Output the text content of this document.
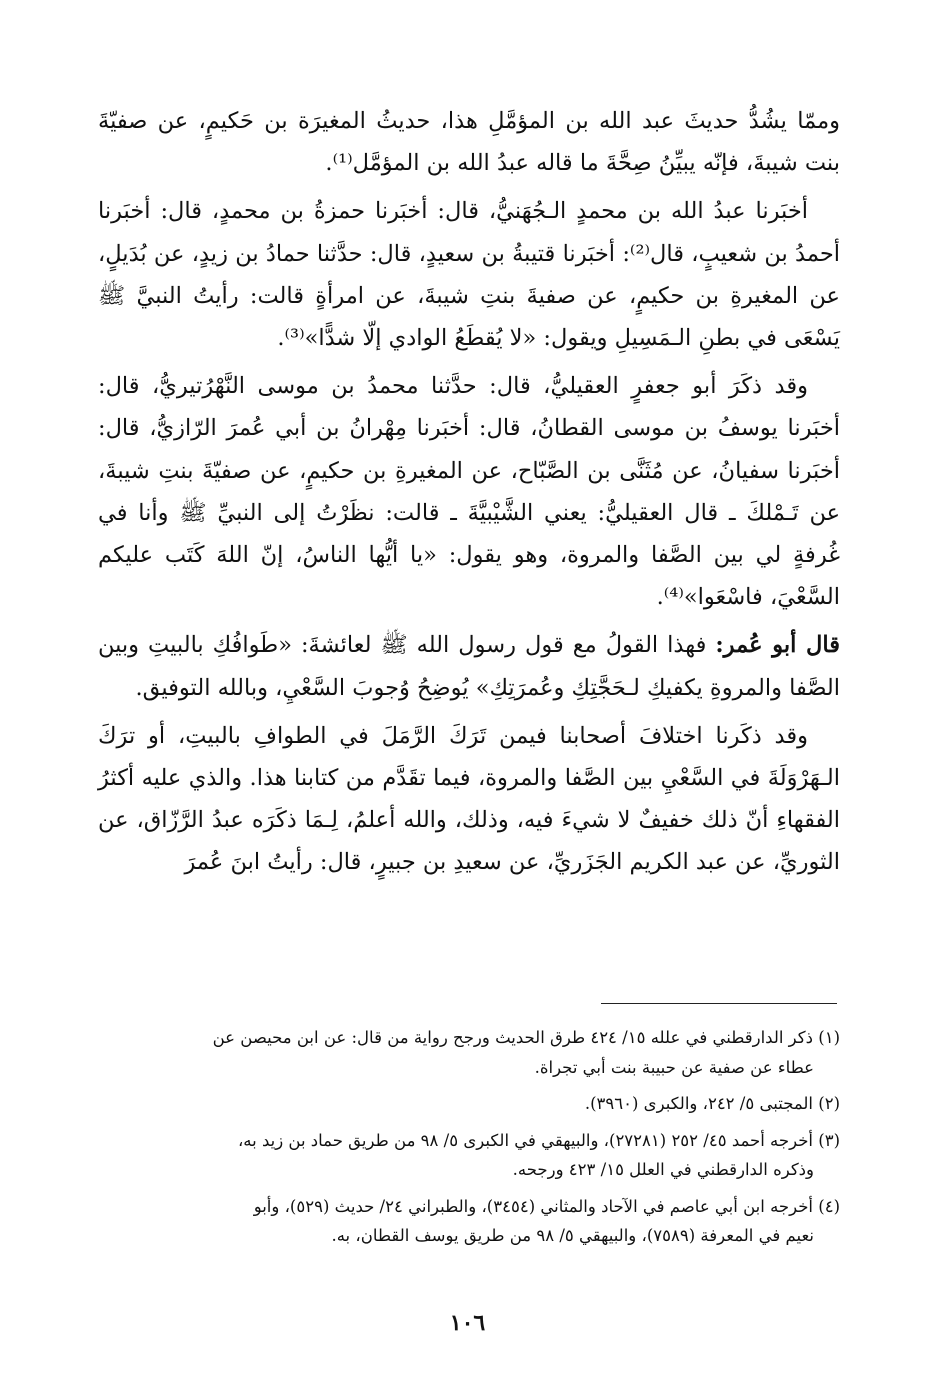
وممّا يشُدُّ حديثَ عبد الله بن المؤمَّلِ هذا، حديثُ المغيرَة بن حَكيمٍ، عن صفيّةَ بنت شيبةَ، فإنّه يبيِّنُ صِحَّةَ ما قاله عبدُ الله بن المؤمَّل⁽¹⁾.

أخبَرنا عبدُ الله بن محمدٍ الـجُهَنيُّ، قال: أخبَرنا حمزةُ بن محمدٍ، قال: أخبَرنا أحمدُ بن شعيبٍ، قال⁽²⁾: أخبَرنا قتيبةُ بن سعيدٍ، قال: حدَّثنا حمادُ بن زيدٍ، عن بُدَيلٍ، عن المغيرةِ بن حكيمٍ، عن صفيةَ بنتِ شيبةَ، عن امرأةٍ قالت: رأيتُ النبيَّ ﷺ يَسْعَى في بطنِ الـمَسِيلِ ويقول: «لا يُقطَعُ الوادي إلّا شدًّا»⁽³⁾.

وقد ذكَرَ أبو جعفرٍ العقيليُّ، قال: حدَّثنا محمدُ بن موسى النَّهْرُتيريُّ، قال: أخبَرنا يوسفُ بن موسى القطانُ، قال: أخبَرنا مِهْرانُ بن أبي عُمرَ الرّازيُّ، قال: أخبَرنا سفيانُ، عن مُثَنَّى بن الصَّبّاح، عن المغيرةِ بن حكيمٍ، عن صفيّةَ بنتِ شيبةَ، عن تَـمْلكَ ـ قال العقيليُّ: يعني الشَّيْبيَّةَ ـ قالت: نظَرْتُ إلى النبيِّ ﷺ وأنا في غُرفةٍ لي بين الصَّفا والمروة، وهو يقول: «يا أيُّها الناسُ، إنّ اللهَ كَتَب عليكم السَّعْيَ، فاسْعَوا»⁽⁴⁾.

قال أبو عُمر: فهذا القولُ مع قول رسول الله ﷺ لعائشةَ: «طَوافُكِ بالبيتِ وبين الصَّفا والمروةِ يكفيكِ لـحَجَّتِكِ وعُمرَتِكِ» يُوضِحُ وُجوبَ السَّعْيِ، وبالله التوفيق.

وقد ذكَرنا اختلافَ أصحابنا فيمن تَرَكَ الرَّمَلَ في الطوافِ بالبيتِ، أو ترَكَ الـهَرْوَلَةَ في السَّعْيِ بين الصَّفا والمروة، فيما تقَدَّم من كتابنا هذا. والذي عليه أكثرُ الفقهاءِ أنّ ذلك خفيفٌ لا شيءَ فيه، وذلك، والله أعلمُ، لِـمَا ذكَرَه عبدُ الرَّزّاق، عن الثوريِّ، عن عبد الكريم الجَزَريِّ، عن سعيدِ بن جبيرٍ، قال: رأيتُ ابنَ عُمرَ

(١) ذكر الدارقطني في علله ١٥/ ٤٢٤ طرق الحديث ورجح رواية من قال: عن ابن محيصن عن
عطاء عن صفية عن حبيبة بنت أبي تجراة.
(٢) المجتبى ٥/ ٢٤٢، والكبرى (٣٩٦٠).
(٣) أخرجه أحمد ٤٥/ ٢٥٢ (٢٧٢٨١)، والبيهقي في الكبرى ٥/ ٩٨ من طريق حماد بن زيد به،
وذكره الدارقطني في العلل ١٥/ ٤٢٣ ورجحه.
(٤) أخرجه ابن أبي عاصم في الآحاد والمثاني (٣٤٥٤)، والطبراني ٢٤/ حديث (٥٢٩)، وأبو
نعيم في المعرفة (٧٥٨٩)، والبيهقي ٥/ ٩٨ من طريق يوسف القطان، به.
١٠٦
